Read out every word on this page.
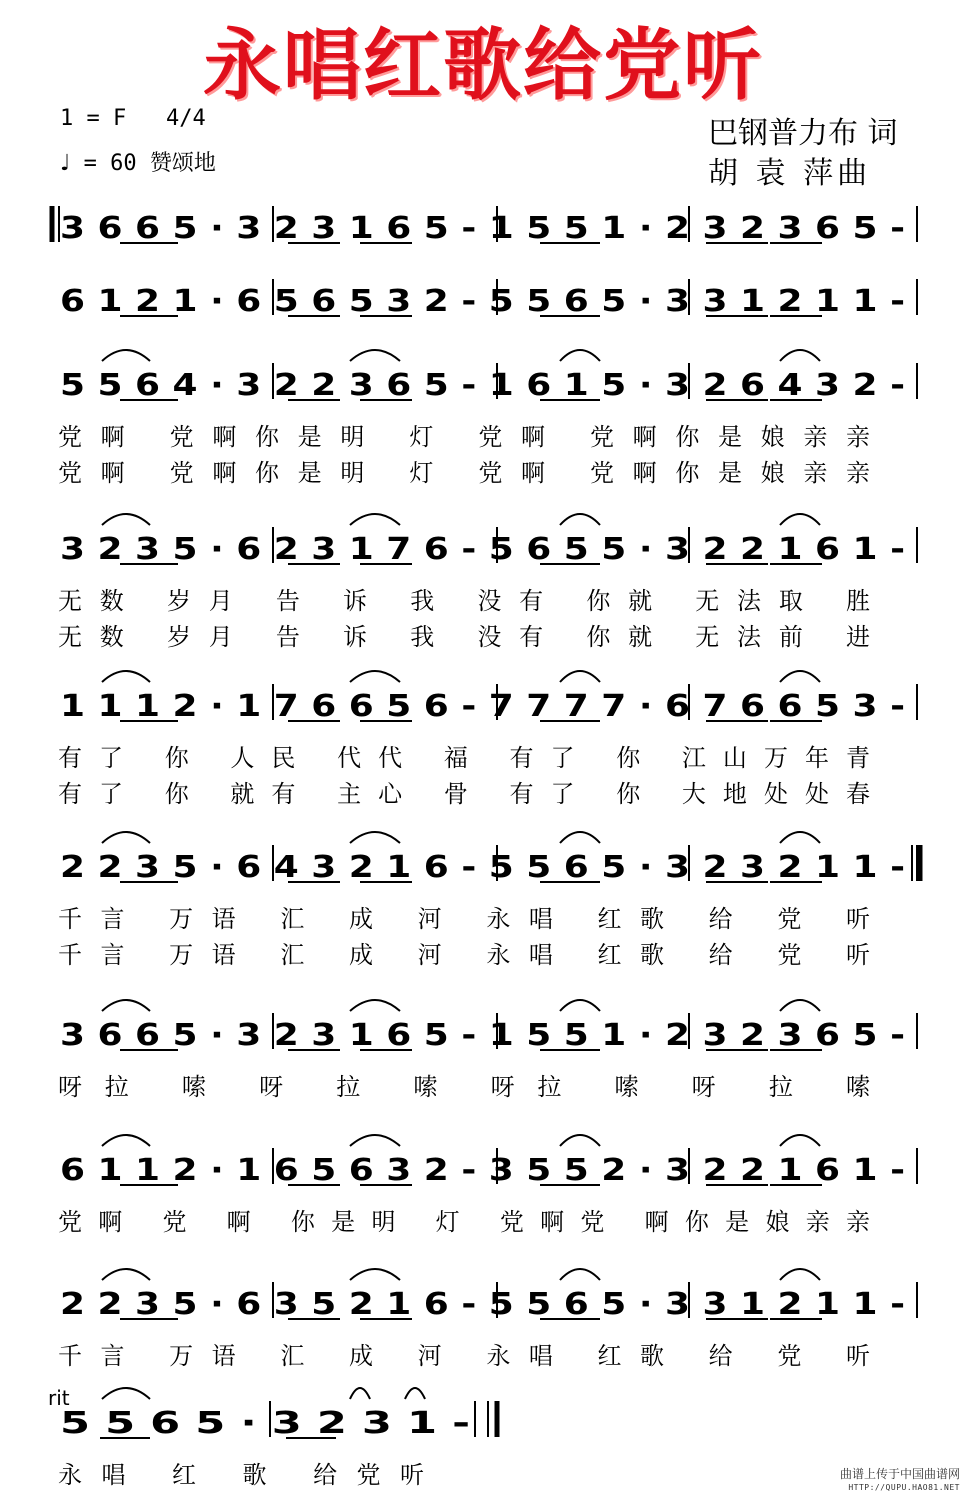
永唱红歌给党听
1 = F 4/4
♩ = 60 赞颂地
巴钢普力布 词
胡 袁 萍曲
3 6 6 5 · 3 2 3 1 6 5 - 1 5 5 1 · 2 3 2 3 6 5 -
6 1 2 1 · 6 5 6 5 3 2 - 5 5 6 5 · 3 3 1 2 1 1 -
5 5 6 4 · 3 2 2 3 6 5 - 1 6 1 5 · 3 2 6 4 3 2 -
党啊 党啊你是明 灯 党啊 党啊你是娘亲亲
党啊 党啊你是明 灯 党啊 党啊你是娘亲亲
3 2 3 5 · 6 2 3 1 7 6 - 5 6 5 5 · 3 2 2 1 6 1 -
无数 岁月 告 诉 我 没有 你就 无法取 胜
无数 岁月 告 诉 我 没有 你就 无法前 进
1 1 1 2 · 1 7 6 6 5 6 - 7 7 7 7 · 6 7 6 6 5 3 -
有了 你 人民 代代 福 有了 你 江山万年青
有了 你 就有 主心 骨 有了 你 大地处处春
2 2 3 5 · 6 4 3 2 1 6 - 5 5 6 5 · 3 2 3 2 1 1 -
千言 万语 汇 成 河 永唱 红歌 给 党 听
千言 万语 汇 成 河 永唱 红歌 给 党 听
3 6 6 5 · 3 2 3 1 6 5 - 1 5 5 1 · 2 3 2 3 6 5 -
呀拉 嗦 呀 拉 嗦 呀拉 嗦 呀 拉 嗦
6 1 1 2 · 1 6 5 6 3 2 - 3 5 5 2 · 3 2 2 1 6 1 -
党啊 党 啊 你是明 灯 党啊党 啊你是娘亲亲
2 2 3 5 · 6 3 5 2 1 6 - 5 5 6 5 · 3 3 1 2 1 1 -
千言 万语 汇 成 河 永唱 红歌 给 党 听
5 5 6 5 · 3 2 3 1 -
永唱 红 歌 给党听
rit
曲谱上传于中国曲谱网
HTTP://QUPU.HAO81.NET
